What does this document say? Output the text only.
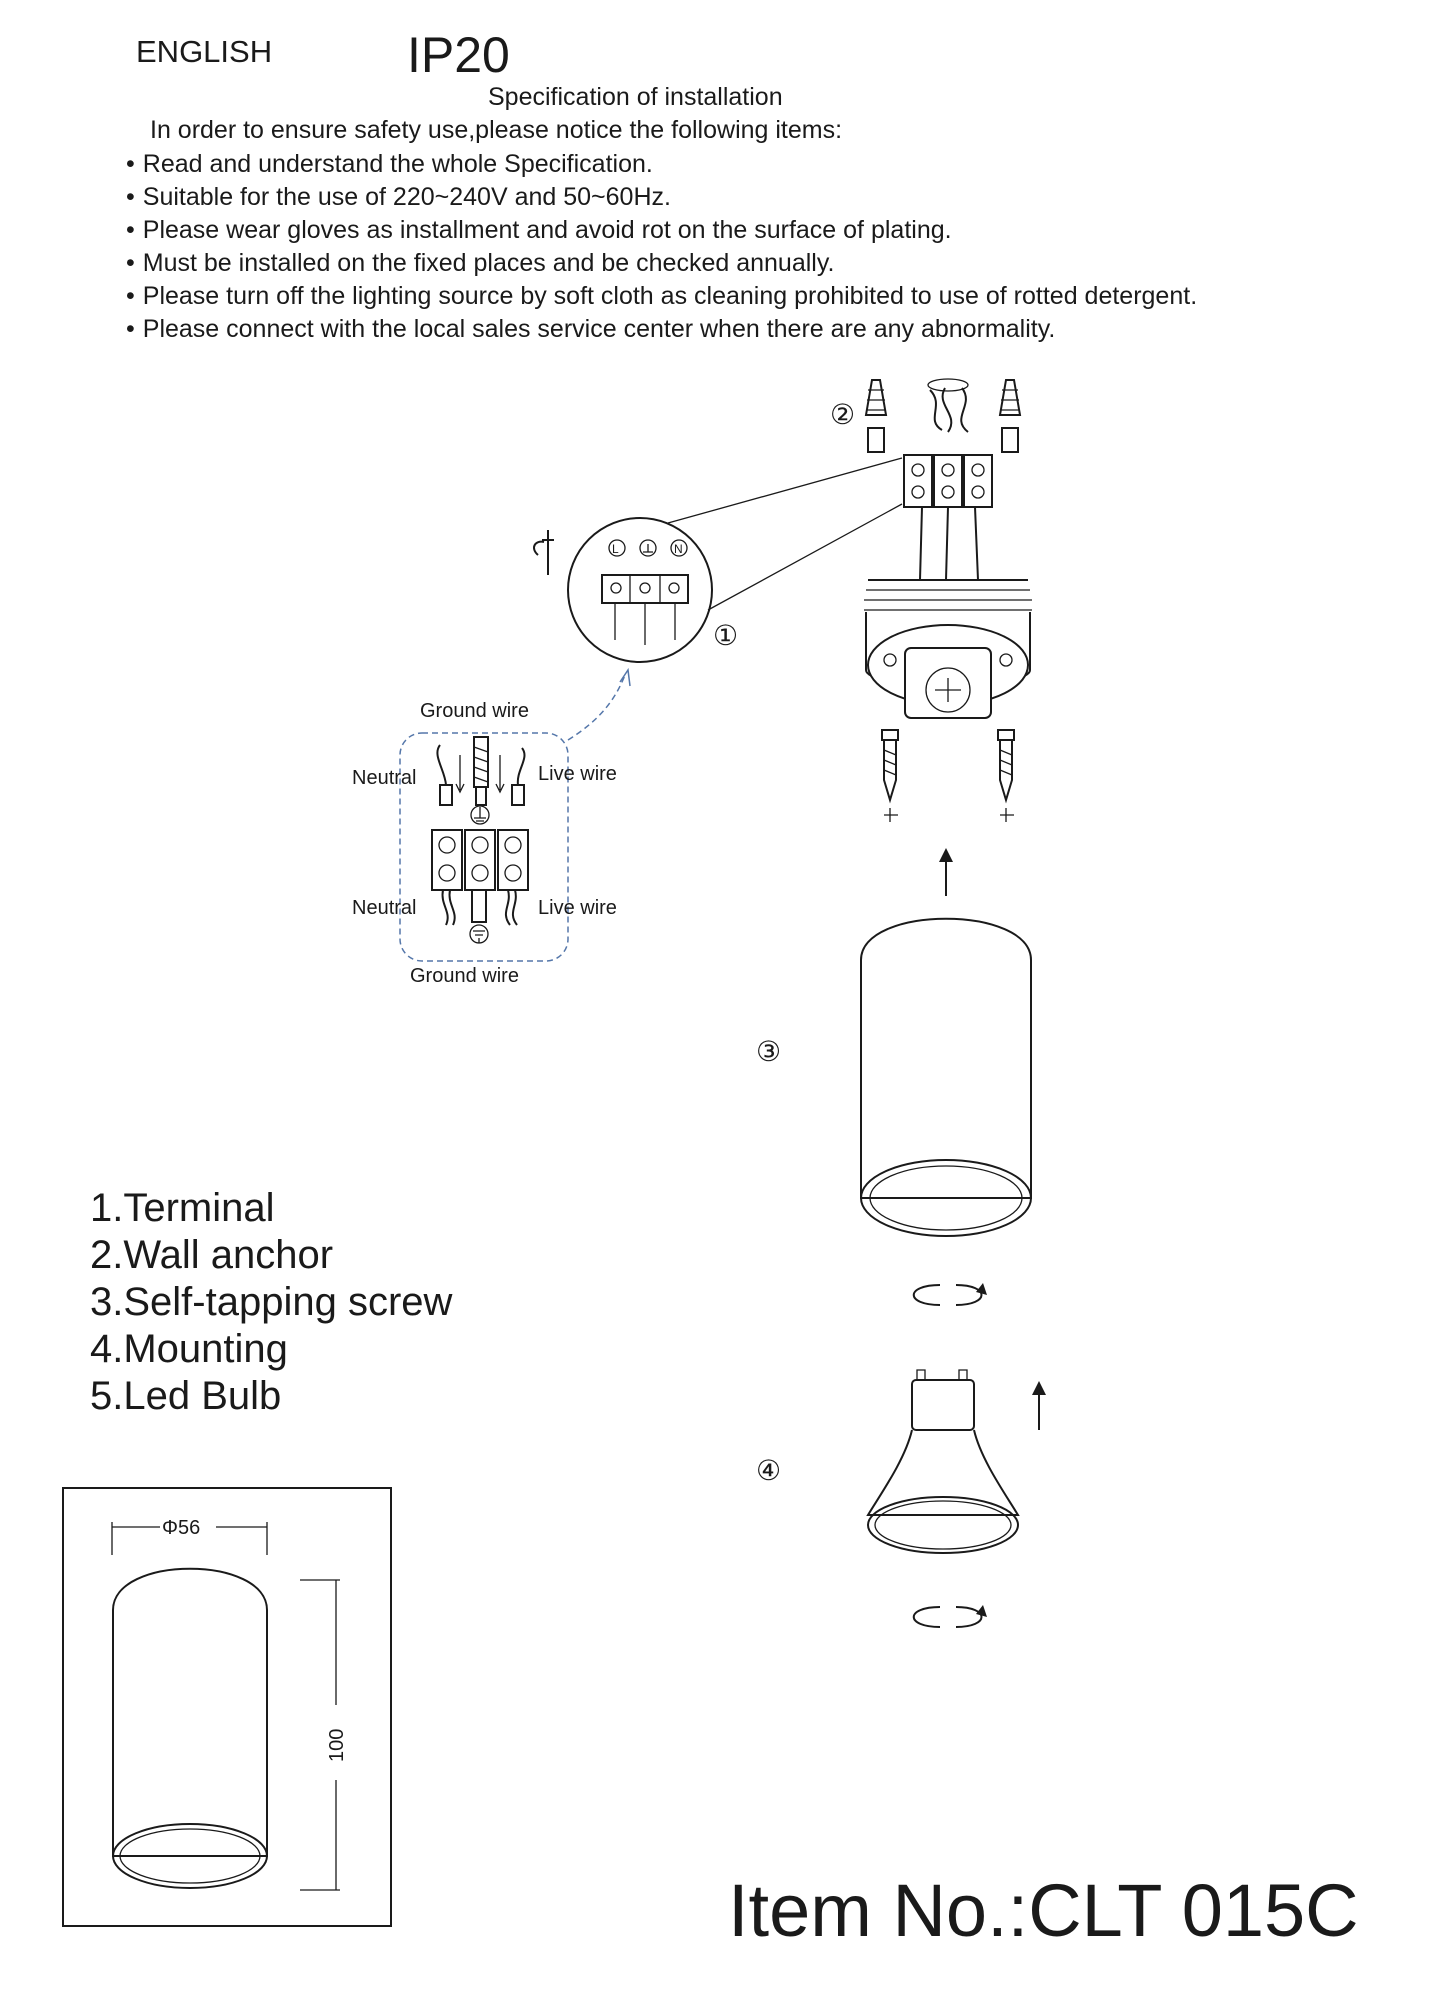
ENGLISH	IP20
Specification of installation
In order to ensure safety use,please notice the following items:
• Read and understand the whole Specification.
• Suitable for the use of 220~240V and 50~60Hz.
• Please wear gloves as installment and avoid rot on the surface of plating.
• Must be installed on the fixed places and be checked annually.
• Please turn off the lighting source by soft cloth as cleaning prohibited to use of rotted detergent.
• Please connect with the local sales service center when there are any abnormality.
1.Terminal
2.Wall anchor
3.Self-tapping screw
4.Mounting
5.Led Bulb
Item No.:CLT 015C
②
L	N
①
Ground wire
Neutral	Live wire
Neutral	Live wire
Ground wire
③
④
Φ56
100
